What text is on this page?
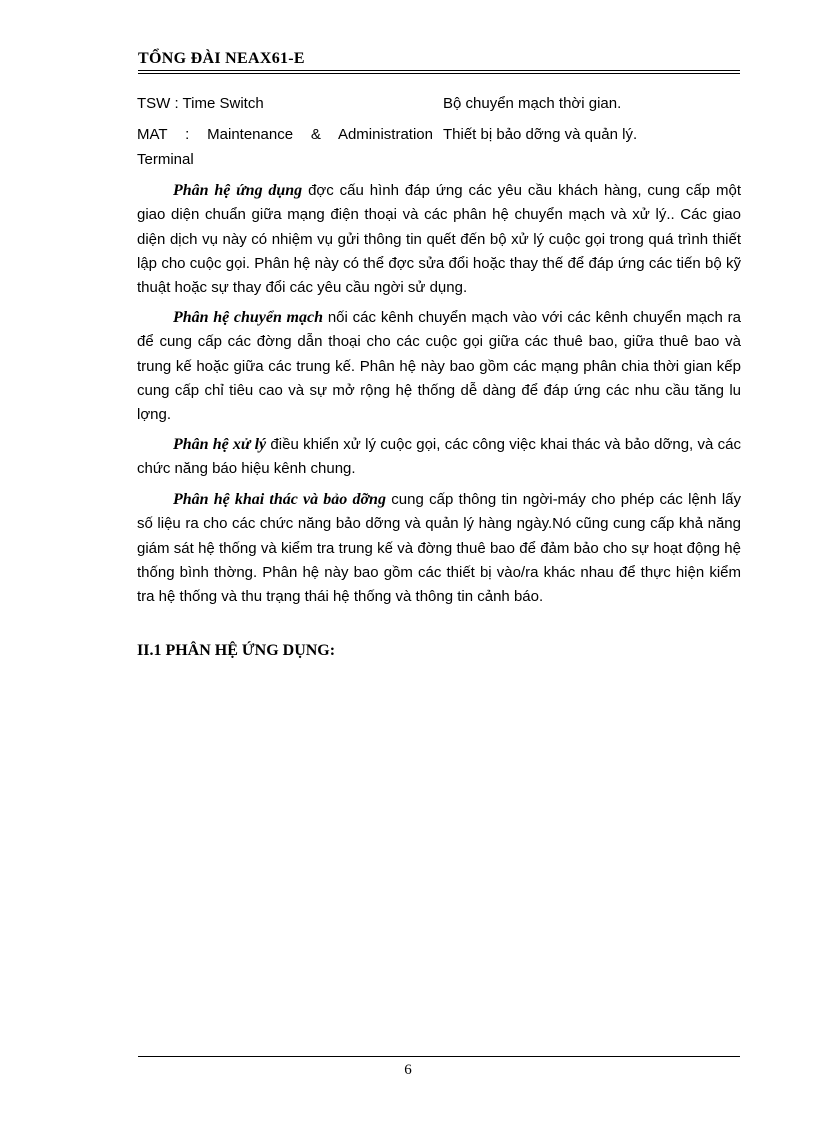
TỔNG ĐÀI NEAX61-E
TSW : Time Switch	Bộ chuyển mạch thời gian.
MAT : Maintenance & Administration Terminal
Thiết bị bảo dỡng và quản lý.
Phân hệ ứng dụng đợc cấu hình đáp ứng các yêu cầu khách hàng, cung cấp một giao diện chuẩn giữa mạng điện thoại và các phân hệ chuyển mạch và xử lý.. Các giao diện dịch vụ này có nhiệm vụ gửi thông tin quết đến bộ xử lý cuộc gọi trong quá trình thiết lập cho cuộc gọi. Phân hệ này có thể đợc sửa đổi hoặc thay thế để đáp ứng các tiến bộ kỹ thuật hoặc sự thay đổi các yêu cầu ngời sử dụng.
Phân hệ chuyển mạch nối các kênh chuyển mạch vào với các kênh chuyển mạch ra để cung cấp các đờng dẫn thoại cho các cuộc gọi giữa các thuê bao, giữa thuê bao và trung kế hoặc giữa các trung kế. Phân hệ này bao gồm các mạng phân chia thời gian kếp cung cấp chỉ tiêu cao và sự mở rộng hệ thống dễ dàng để đáp ứng các nhu cầu tăng lu lợng.
Phân hệ xử lý điều khiển xử lý cuộc gọi, các công việc khai thác và bảo dỡng, và các chức năng báo hiệu kênh chung.
Phân hệ khai thác và bảo dỡng cung cấp thông tin ngời-máy cho phép các lệnh lấy số liệu ra cho các chức năng bảo dỡng và quản lý hàng ngày.Nó cũng cung cấp khả năng giám sát hệ thống và kiểm tra trung kế và đờng thuê bao để đảm bảo cho sự hoạt động hệ thống bình thờng. Phân hệ này bao gồm các thiết bị vào/ra khác nhau để thực hiện kiểm tra hệ thống và thu trạng thái hệ thống và thông tin cảnh báo.
II.1 PHÂN HỆ ỨNG DỤNG:
6
